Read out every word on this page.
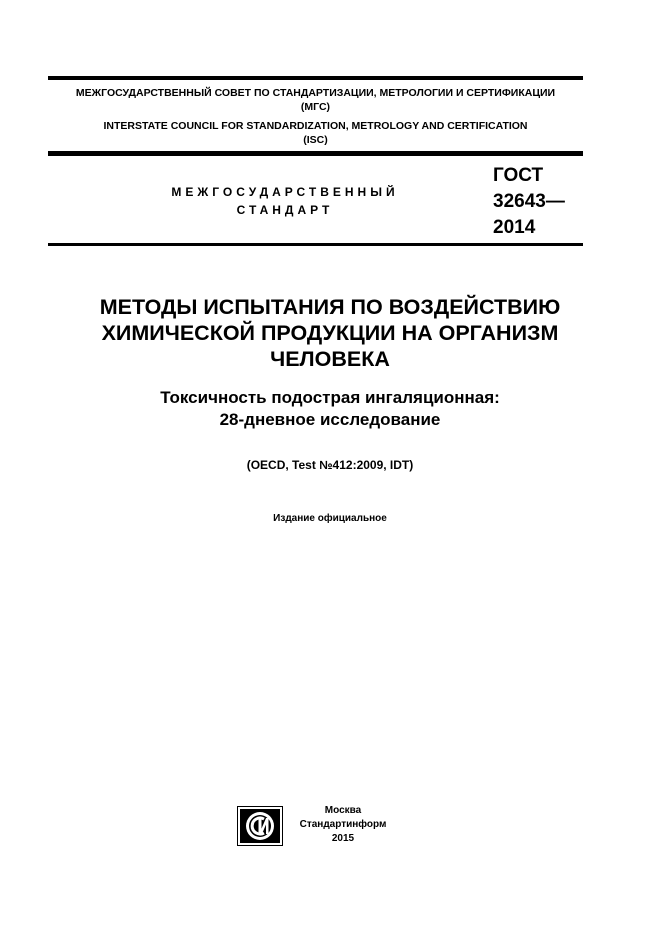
МЕЖГОСУДАРСТВЕННЫЙ СОВЕТ ПО СТАНДАРТИЗАЦИИ, МЕТРОЛОГИИ И СЕРТИФИКАЦИИ
(МГС)
INTERSTATE COUNCIL FOR STANDARDIZATION, METROLOGY AND CERTIFICATION
(ISC)
МЕЖГОСУДАРСТВЕННЫЙ
СТАНДАРТ
ГОСТ
32643—
2014
МЕТОДЫ ИСПЫТАНИЯ ПО ВОЗДЕЙСТВИЮ
ХИМИЧЕСКОЙ ПРОДУКЦИИ НА ОРГАНИЗМ
ЧЕЛОВЕКА
Токсичность подострая ингаляционная:
28-дневное исследование
(OECD, Test №412:2009, IDT)
Издание официальное
Москва
Стандартинформ
2015
